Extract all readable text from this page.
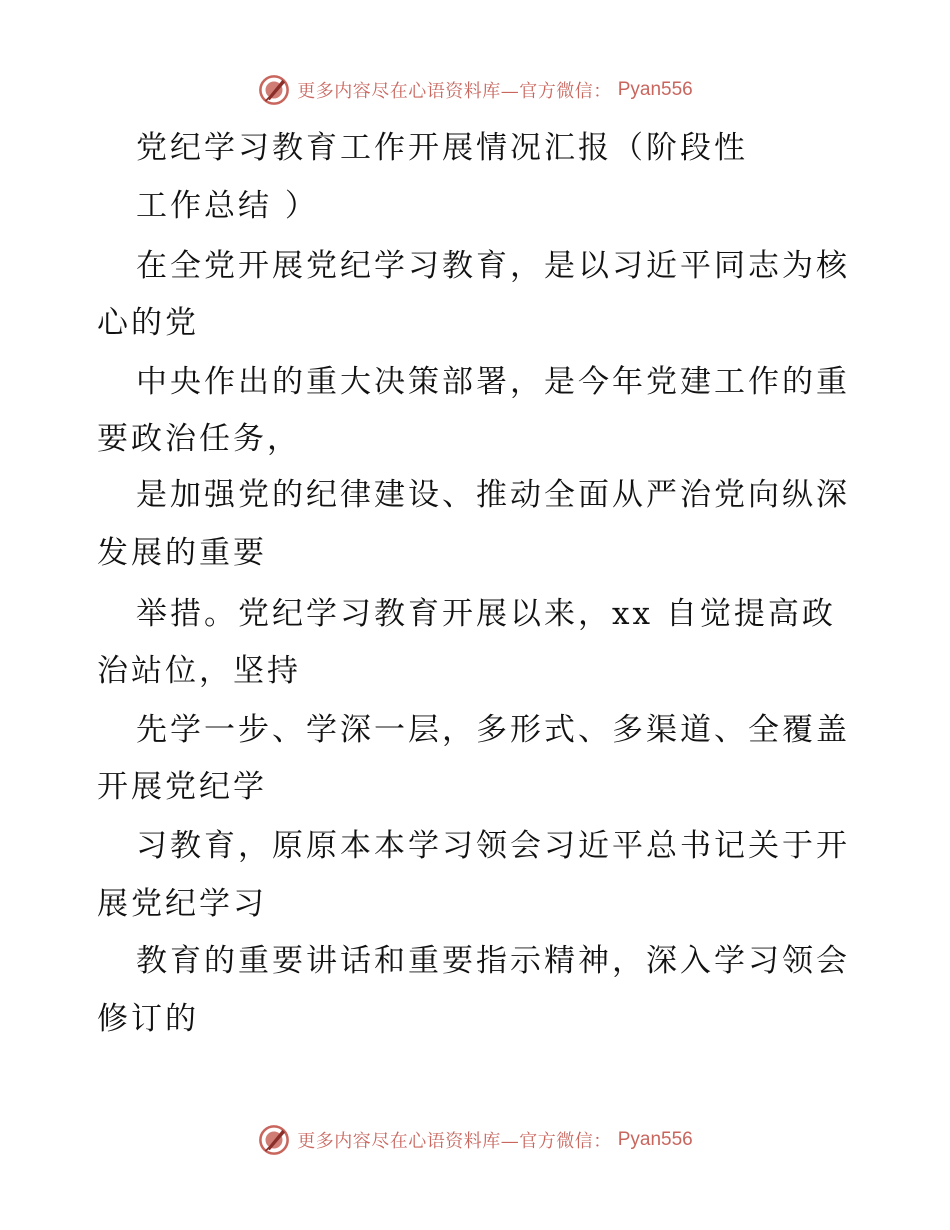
更多内容尽在心语资料库—官方微信： Pyan556
党纪学习教育工作开展情况汇报（阶段性
工作总结 ）
在全党开展党纪学习教育，是以习近平同志为核
心的党
中央作出的重大决策部署，是今年党建工作的重
要政治任务，
是加强党的纪律建设、推动全面从严治党向纵深
发展的重要
举措。党纪学习教育开展以来，xx 自觉提高政
治站位，坚持
先学一步、学深一层，多形式、多渠道、全覆盖
开展党纪学
习教育，原原本本学习领会习近平总书记关于开
展党纪学习
教育的重要讲话和重要指示精神，深入学习领会
修订的
更多内容尽在心语资料库—官方微信： Pyan556
